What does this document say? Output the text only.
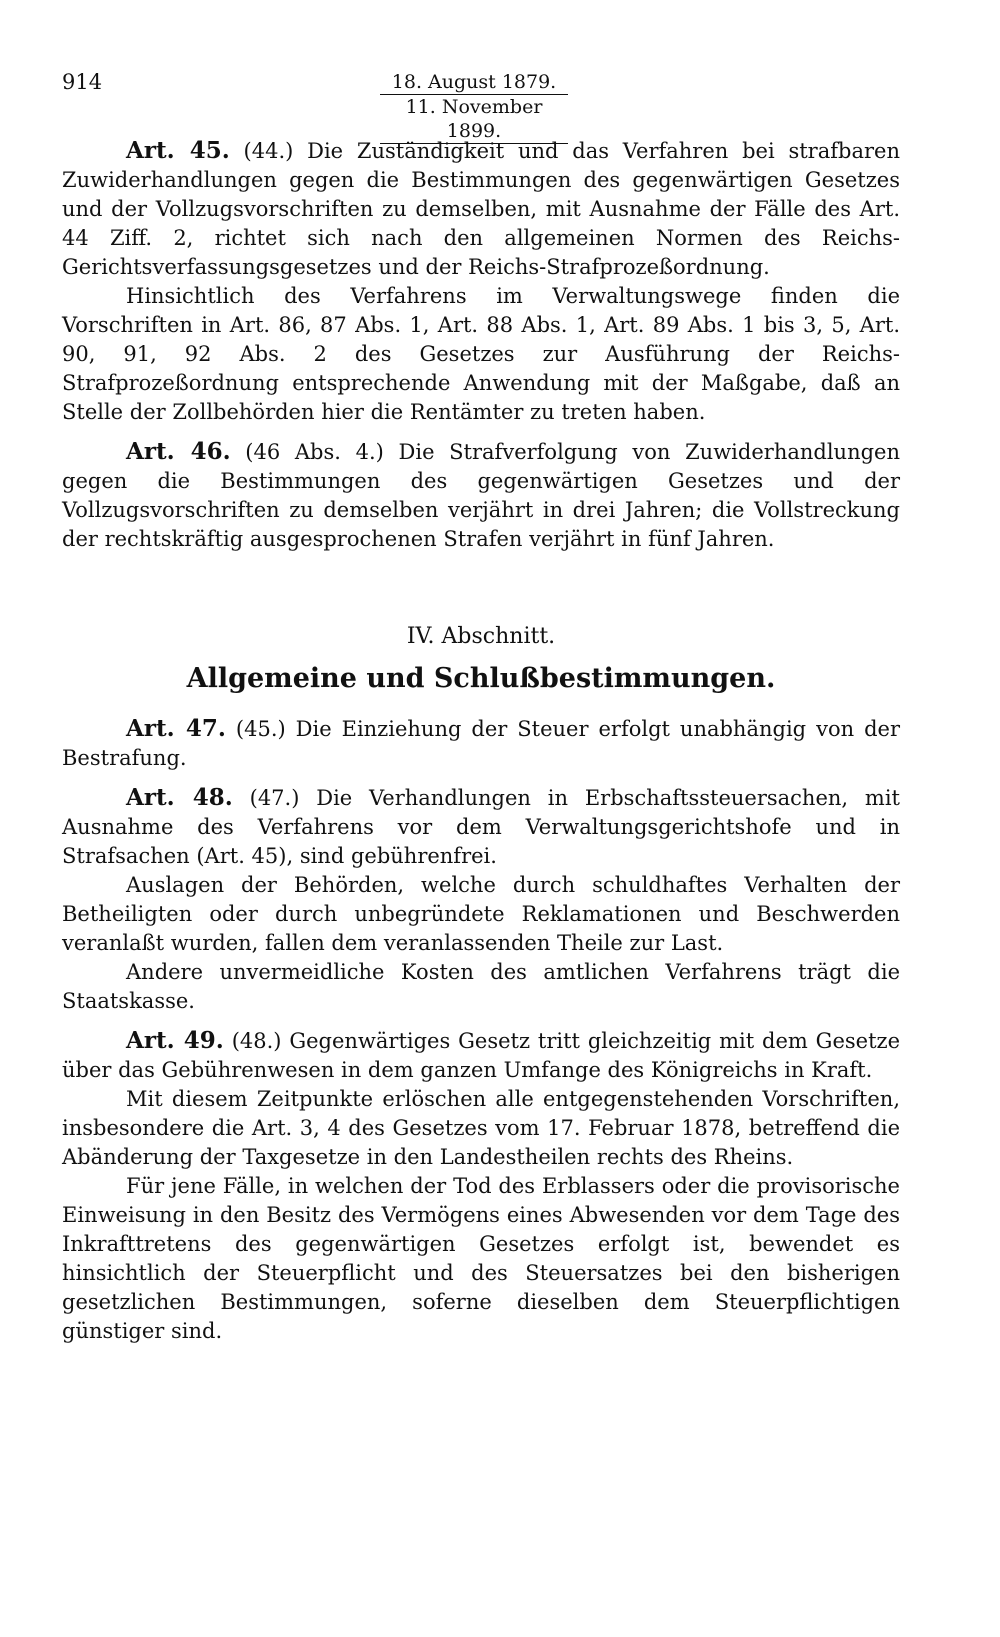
914	18. August 1879.
11. November 1899.

Art. 45. (44.) Die Zuständigkeit und das Verfahren bei strafbaren Zuwiderhandlungen gegen die Bestimmungen des gegenwärtigen Gesetzes und der Vollzugsvorschriften zu demselben, mit Ausnahme der Fälle des Art. 44 Ziff. 2, richtet sich nach den allgemeinen Normen des Reichs-Gerichtsverfassungsgesetzes und der Reichs-Strafprozeßordnung.

Hinsichtlich des Verfahrens im Verwaltungswege finden die Vorschriften in Art. 86, 87 Abs. 1, Art. 88 Abs. 1, Art. 89 Abs. 1 bis 3, 5, Art. 90, 91, 92 Abs. 2 des Gesetzes zur Ausführung der Reichs-Strafprozeßordnung entsprechende Anwendung mit der Maßgabe, daß an Stelle der Zollbehörden hier die Rentämter zu treten haben.

Art. 46. (46 Abs. 4.) Die Strafverfolgung von Zuwiderhandlungen gegen die Bestimmungen des gegenwärtigen Gesetzes und der Vollzugsvorschriften zu demselben verjährt in drei Jahren; die Vollstreckung der rechtskräftig ausgesprochenen Strafen verjährt in fünf Jahren.

IV. Abschnitt.
Allgemeine und Schlußbestimmungen.

Art. 47. (45.) Die Einziehung der Steuer erfolgt unabhängig von der Bestrafung.

Art. 48. (47.) Die Verhandlungen in Erbschaftssteuersachen, mit Ausnahme des Verfahrens vor dem Verwaltungsgerichtshofe und in Strafsachen (Art. 45), sind gebührenfrei.

Auslagen der Behörden, welche durch schuldhaftes Verhalten der Betheiligten oder durch unbegründete Reklamationen und Beschwerden veranlaßt wurden, fallen dem veranlassenden Theile zur Last.

Andere unvermeidliche Kosten des amtlichen Verfahrens trägt die Staatskasse.

Art. 49. (48.) Gegenwärtiges Gesetz tritt gleichzeitig mit dem Gesetze über das Gebührenwesen in dem ganzen Umfange des Königreichs in Kraft.

Mit diesem Zeitpunkte erlöschen alle entgegenstehenden Vorschriften, insbesondere die Art. 3, 4 des Gesetzes vom 17. Februar 1878, betreffend die Abänderung der Taxgesetze in den Landestheilen rechts des Rheins.

Für jene Fälle, in welchen der Tod des Erblassers oder die provisorische Einweisung in den Besitz des Vermögens eines Abwesenden vor dem Tage des Inkrafttretens des gegenwärtigen Gesetzes erfolgt ist, bewendet es hinsichtlich der Steuerpflicht und des Steuersatzes bei den bisherigen gesetzlichen Bestimmungen, soferne dieselben dem Steuerpflichtigen günstiger sind.
